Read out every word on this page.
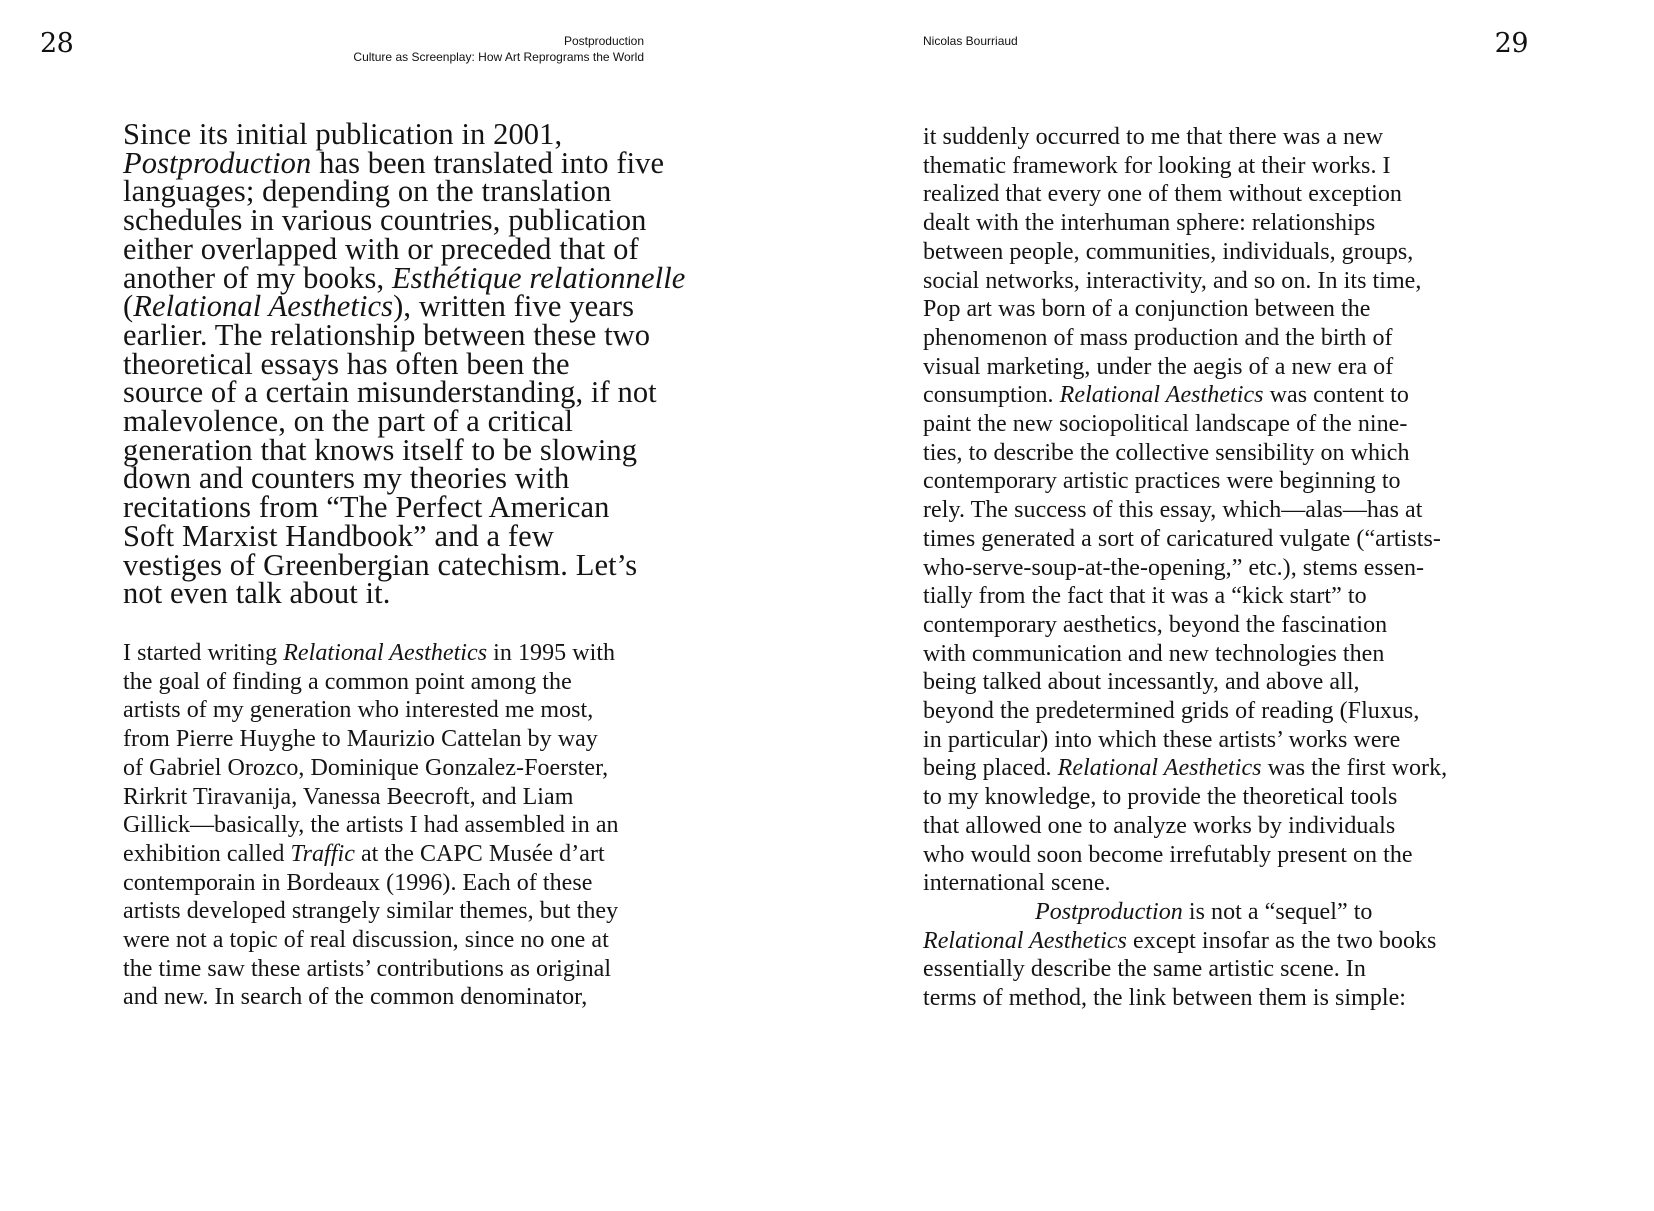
28	Postproduction
Culture as Screenplay: How Art Reprograms the World
Since its initial publication in 2001,
Postproduction has been translated into five
languages; depending on the translation
schedules in various countries, publication
either overlapped with or preceded that of
another of my books, Esthétique relationnelle
(Relational Aesthetics), written five years
earlier. The relationship between these two
theoretical essays has often been the
source of a certain misunderstanding, if not
malevolence, on the part of a critical
generation that knows itself to be slowing
down and counters my theories with
recitations from “The Perfect American
Soft Marxist Handbook” and a few
vestiges of Greenbergian catechism. Let’s
not even talk about it.
I started writing Relational Aesthetics in 1995 with
the goal of finding a common point among the
artists of my generation who interested me most,
from Pierre Huyghe to Maurizio Cattelan by way
of Gabriel Orozco, Dominique Gonzalez-Foerster,
Rirkrit Tiravanija, Vanessa Beecroft, and Liam
Gillick—basically, the artists I had assembled in an
exhibition called Traffic at the CAPC Musée d’art
contemporain in Bordeaux (1996). Each of these
artists developed strangely similar themes, but they
were not a topic of real discussion, since no one at
the time saw these artists’ contributions as original
and new. In search of the common denominator,
Nicolas Bourriaud	29
it suddenly occurred to me that there was a new
thematic framework for looking at their works. I
realized that every one of them without exception
dealt with the interhuman sphere: relationships
between people, communities, individuals, groups,
social networks, interactivity, and so on. In its time,
Pop art was born of a conjunction between the
phenomenon of mass production and the birth of
visual marketing, under the aegis of a new era of
consumption. Relational Aesthetics was content to
paint the new sociopolitical landscape of the nine-
ties, to describe the collective sensibility on which
contemporary artistic practices were beginning to
rely. The success of this essay, which—alas—has at
times generated a sort of caricatured vulgate (“artists-
who-serve-soup-at-the-opening,” etc.), stems essen-
tially from the fact that it was a “kick start” to
contemporary aesthetics, beyond the fascination
with communication and new technologies then
being talked about incessantly, and above all,
beyond the predetermined grids of reading (Fluxus,
in particular) into which these artists’ works were
being placed. Relational Aesthetics was the first work,
to my knowledge, to provide the theoretical tools
that allowed one to analyze works by individuals
who would soon become irrefutably present on the
international scene.
Postproduction is not a “sequel” to
Relational Aesthetics except insofar as the two books
essentially describe the same artistic scene. In
terms of method, the link between them is simple:
